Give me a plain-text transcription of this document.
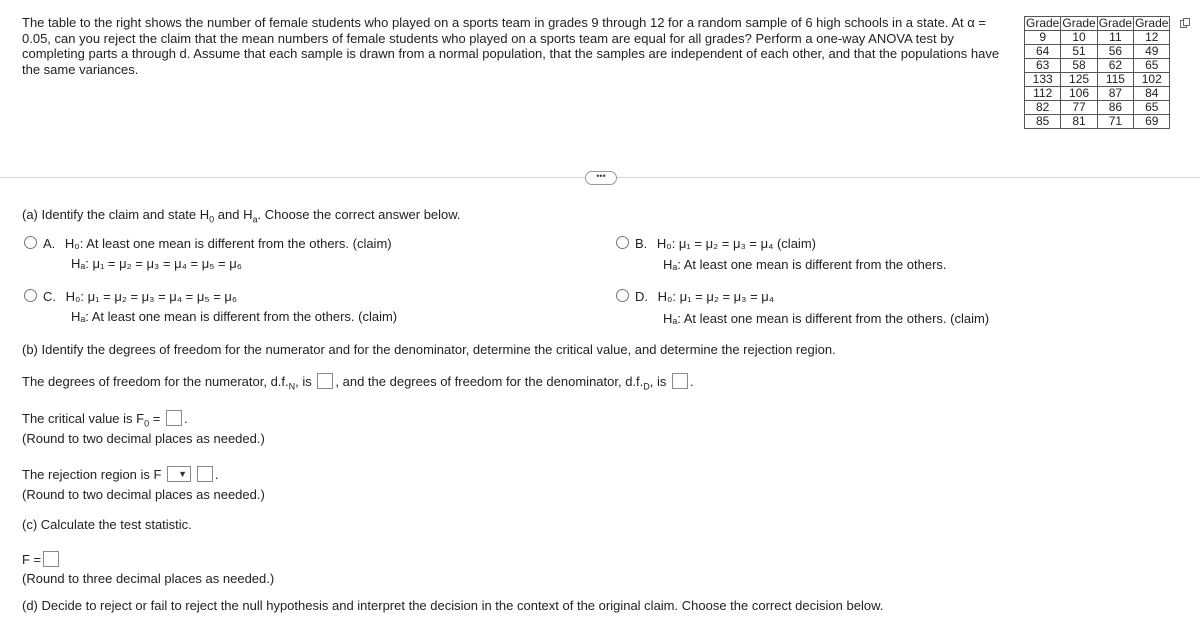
The table to the right shows the number of female students who played on a sports team in grades 9 through 12 for a random sample of 6 high schools in a state. At α = 0.05, can you reject the claim that the mean numbers of female students who played on a sports team are equal for all grades? Perform a one-way ANOVA test by completing parts a through d. Assume that each sample is drawn from a normal population, that the samples are independent of each other, and that the populations have the same variances.
Grade	Grade	Grade	Grade
9	10	11	12
64	51	56	49
63	58	62	65
133	125	115	102
112	106	87	84
82	77	86	65
85	81	71	69
•••
(a) Identify the claim and state $H_0$ and $H_a$. Choose the correct answer below.
A. H₀: At least one mean is different from the others. (claim)
Hₐ: μ₁ = μ₂ = μ₃ = μ₄ = μ₅ = μ₆
B. H₀: μ₁ = μ₂ = μ₃ = μ₄ (claim)
Hₐ: At least one mean is different from the others.
C. H₀: μ₁ = μ₂ = μ₃ = μ₄ = μ₅ = μ₆
Hₐ: At least one mean is different from the others. (claim)
D. H₀: μ₁ = μ₂ = μ₃ = μ₄
Hₐ: At least one mean is different from the others. (claim)
(b) Identify the degrees of freedom for the numerator and for the denominator, determine the critical value, and determine the rejection region.
The degrees of freedom for the numerator, $d.f._N$, is , and the degrees of freedom for the denominator, $d.f._D$, is .
The critical value is $F_0$ = .
(Round to two decimal places as needed.)
The rejection region is F ▼ .
(Round to two decimal places as needed.)
(c) Calculate the test statistic.
F =
(Round to three decimal places as needed.)
(d) Decide to reject or fail to reject the null hypothesis and interpret the decision in the context of the original claim. Choose the correct decision below.
